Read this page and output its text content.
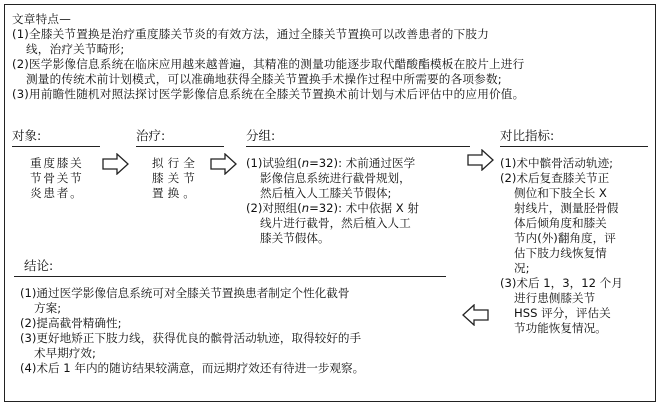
文章特点—
(1)全膝关节置换是治疗重度膝关节炎的有效方法，通过全膝关节置换可以改善患者的下肢力
线，治疗关节畸形;
(2)医学影像信息系统在临床应用越来越普遍，其精准的测量功能逐步取代醋酸酯模板在胶片上进行
测量的传统术前计划模式，可以准确地获得全膝关节置换手术操作过程中所需要的各项参数;
(3)用前瞻性随机对照法探讨医学影像信息系统在全膝关节置换术前计划与术后评估中的应用价值。
对象:	治疗:	分组:	对比指标:
重度膝关
节骨关节
炎患者。
拟行全
膝关节
置换。
(1)试验组(n=32): 术前通过医学
影像信息系统进行截骨规划，
然后植入人工膝关节假体;
(2)对照组(n=32): 术中依据 X 射
线片进行截骨，然后植入人工
膝关节假体。
(1)术中髌骨活动轨迹;
(2)术后复查膝关节正
侧位和下肢全长 X
射线片，测量胫骨假
体后倾角度和膝关
节内(外)翻角度，评
估下肢力线恢复情
况;
(3)术后 1，3，12 个月
进行患侧膝关节
HSS 评分，评估关
节功能恢复情况。
结论:
(1)通过医学影像信息系统可对全膝关节置换患者制定个性化截骨
方案;
(2)提高截骨精确性;
(3)更好地矫正下肢力线，获得优良的髌骨活动轨迹，取得较好的手
术早期疗效;
(4)术后 1 年内的随访结果较满意，而远期疗效还有待进一步观察。
